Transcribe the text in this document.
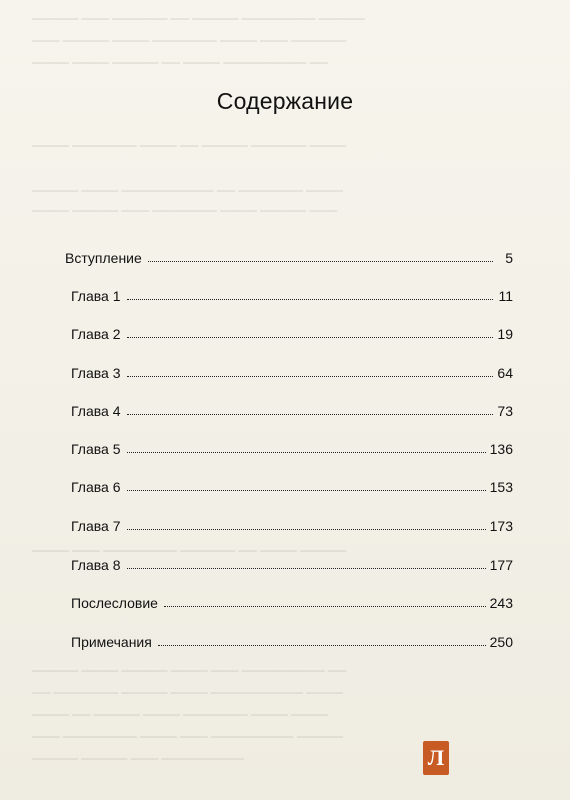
───── ─── ────── ── ───── ──────── ─────
─── ───── ──── ─────── ──── ─── ──────
──── ──── ───── ── ──── ───────── ──
──── ─────── ──── ── ───── ────── ────
───── ──── ────────── ── ─────── ────
──── ───── ─── ─────── ──── ───── ───
──── ─── ──────── ────── ── ──── ─────
───── ──── ───── ──── ─── ───────── ──
── ─────── ───── ──── ────────── ────
──── ── ───── ──── ─────── ──── ────
─── ──────── ──── ─── ───────── ─────
───── ───── ─── ─────────
Содержание
Вступление	5
Глава 1	11
Глава 2	19
Глава 3	64
Глава 4	73
Глава 5	136
Глава 6	153
Глава 7	173
Глава 8	177
Послесловие	243
Примечания	250
Л
